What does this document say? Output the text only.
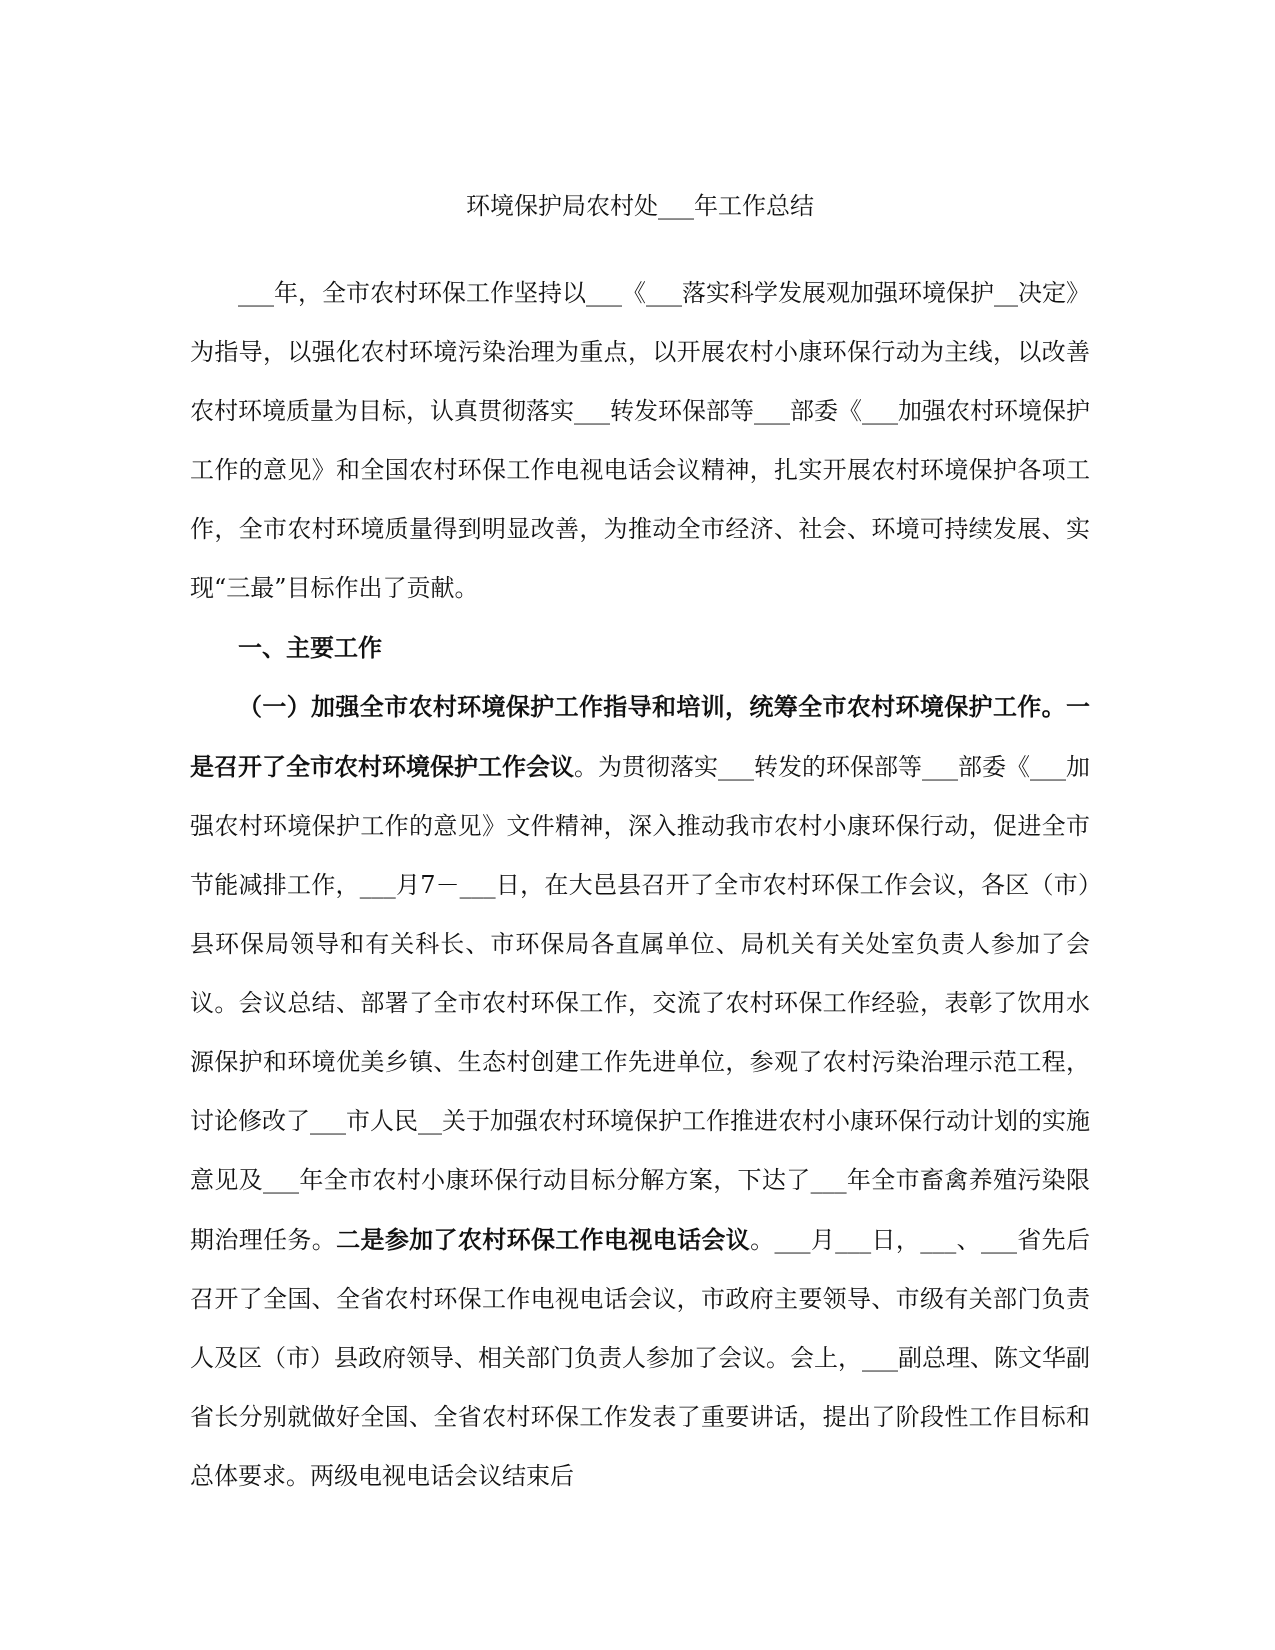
环境保护局农村处___年工作总结

___年，全市农村环保工作坚持以___《___落实科学发展观加强环境保护__决定》为指导，以强化农村环境污染治理为重点，以开展农村小康环保行动为主线，以改善农村环境质量为目标，认真贯彻落实___转发环保部等___部委《___加强农村环境保护工作的意见》和全国农村环保工作电视电话会议精神，扎实开展农村环境保护各项工作，全市农村环境质量得到明显改善，为推动全市经济、社会、环境可持续发展、实现“三最”目标作出了贡献。

一、主要工作

（一）加强全市农村环境保护工作指导和培训，统筹全市农村环境保护工作。一是召开了全市农村环境保护工作会议。为贯彻落实___转发的环保部等___部委《___加强农村环境保护工作的意见》文件精神，深入推动我市农村小康环保行动，促进全市节能减排工作，___月7－___日，在大邑县召开了全市农村环保工作会议，各区（市）县环保局领导和有关科长、市环保局各直属单位、局机关有关处室负责人参加了会议。会议总结、部署了全市农村环保工作，交流了农村环保工作经验，表彰了饮用水源保护和环境优美乡镇、生态村创建工作先进单位，参观了农村污染治理示范工程，讨论修改了___市人民__关于加强农村环境保护工作推进农村小康环保行动计划的实施意见及___年全市农村小康环保行动目标分解方案，下达了___年全市畜禽养殖污染限期治理任务。二是参加了农村环保工作电视电话会议。___月___日，___、___省先后召开了全国、全省农村环保工作电视电话会议，市政府主要领导、市级有关部门负责人及区（市）县政府领导、相关部门负责人参加了会议。会上，___副总理、陈文华副省长分别就做好全国、全省农村环保工作发表了重要讲话，提出了阶段性工作目标和总体要求。两级电视电话会议结束后
